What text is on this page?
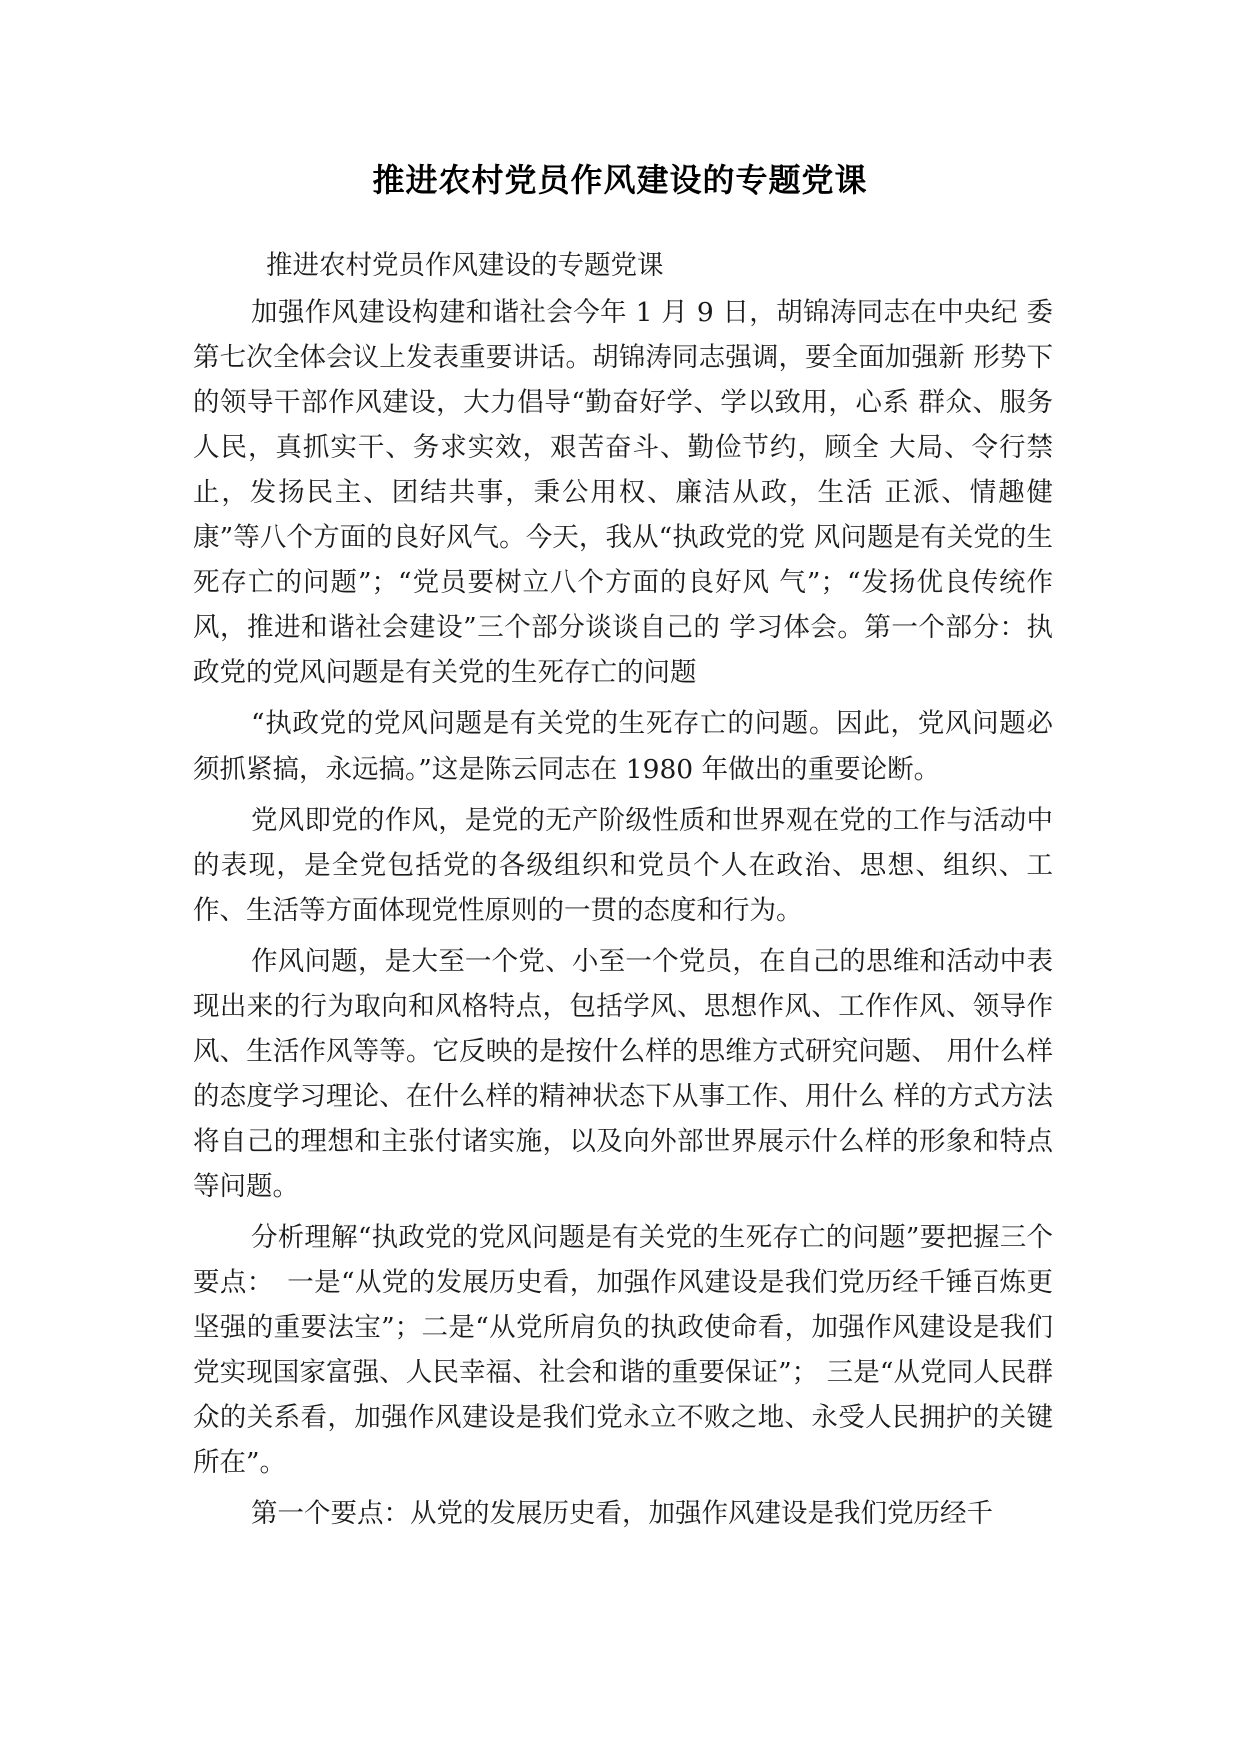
推进农村党员作风建设的专题党课

推进农村党员作风建设的专题党课

加强作风建设构建和谐社会今年 1 月 9 日，胡锦涛同志在中央纪 委第七次全体会议上发表重要讲话。胡锦涛同志强调，要全面加强新 形势下的领导干部作风建设，大力倡导“勤奋好学、学以致用，心系 群众、服务人民，真抓实干、务求实效，艰苦奋斗、勤俭节约，顾全 大局、令行禁止，发扬民主、团结共事，秉公用权、廉洁从政，生活 正派、情趣健康”等八个方面的良好风气。今天，我从“执政党的党 风问题是有关党的生死存亡的问题”；“党员要树立八个方面的良好风 气”；“发扬优良传统作风，推进和谐社会建设”三个部分谈谈自己的 学习体会。第一个部分：执政党的党风问题是有关党的生死存亡的问题

“执政党的党风问题是有关党的生死存亡的问题。因此，党风问题必须抓紧搞，永远搞。”这是陈云同志在 1980 年做出的重要论断。

党风即党的作风，是党的无产阶级性质和世界观在党的工作与活动中的表现，是全党包括党的各级组织和党员个人在政治、思想、组织、工作、生活等方面体现党性原则的一贯的态度和行为。

作风问题，是大至一个党、小至一个党员，在自己的思维和活动中表现出来的行为取向和风格特点，包括学风、思想作风、工作作风、领导作风、生活作风等等。它反映的是按什么样的思维方式研究问题、 用什么样的态度学习理论、在什么样的精神状态下从事工作、用什么 样的方式方法将自己的理想和主张付诸实施，以及向外部世界展示什么样的形象和特点等问题。

分析理解“执政党的党风问题是有关党的生死存亡的问题”要把握三个要点：　一是“从党的发展历史看，加强作风建设是我们党历经千锤百炼更坚强的重要法宝”；二是“从党所肩负的执政使命看，加强作风建设是我们党实现国家富强、人民幸福、社会和谐的重要保证”； 三是“从党同人民群众的关系看，加强作风建设是我们党永立不败之地、永受人民拥护的关键所在”。

第一个要点：从党的发展历史看，加强作风建设是我们党历经千
